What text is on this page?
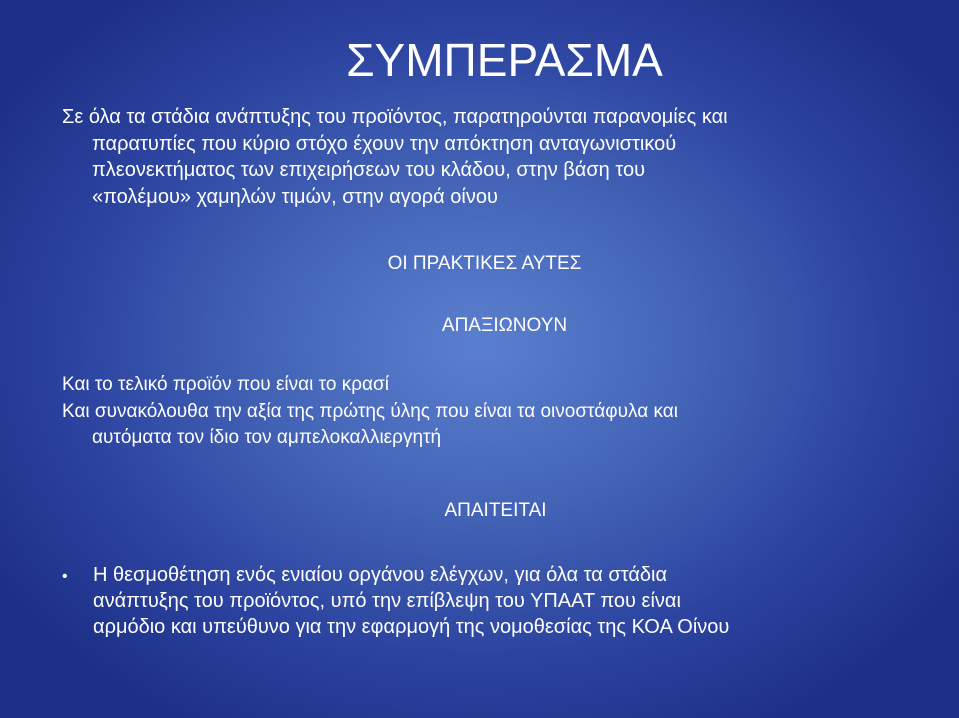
ΣΥΜΠΕΡΑΣΜΑ
Σε όλα τα στάδια ανάπτυξης του προϊόντος, παρατηρούνται παρανομίες και
παρατυπίες που κύριο στόχο έχουν την απόκτηση ανταγωνιστικού
πλεονεκτήματος των επιχειρήσεων του κλάδου, στην βάση του
«πολέμου» χαμηλών τιμών, στην αγορά οίνου
ΟΙ ΠΡΑΚΤΙΚΕΣ ΑΥΤΕΣ
ΑΠΑΞΙΩΝΟΥΝ
Και το τελικό προϊόν που είναι το κρασί
Και συνακόλουθα την αξία της πρώτης ύλης που είναι τα οινοστάφυλα και
αυτόματα τον ίδιο τον αμπελοκαλλιεργητή
ΑΠΑΙΤΕΙΤΑΙ
•	Η θεσμοθέτηση ενός ενιαίου οργάνου ελέγχων, για όλα τα στάδια
ανάπτυξης του προϊόντος, υπό την επίβλεψη του ΥΠΑΑΤ που είναι
αρμόδιο και υπεύθυνο για την εφαρμογή της νομοθεσίας της ΚΟΑ Οίνου
